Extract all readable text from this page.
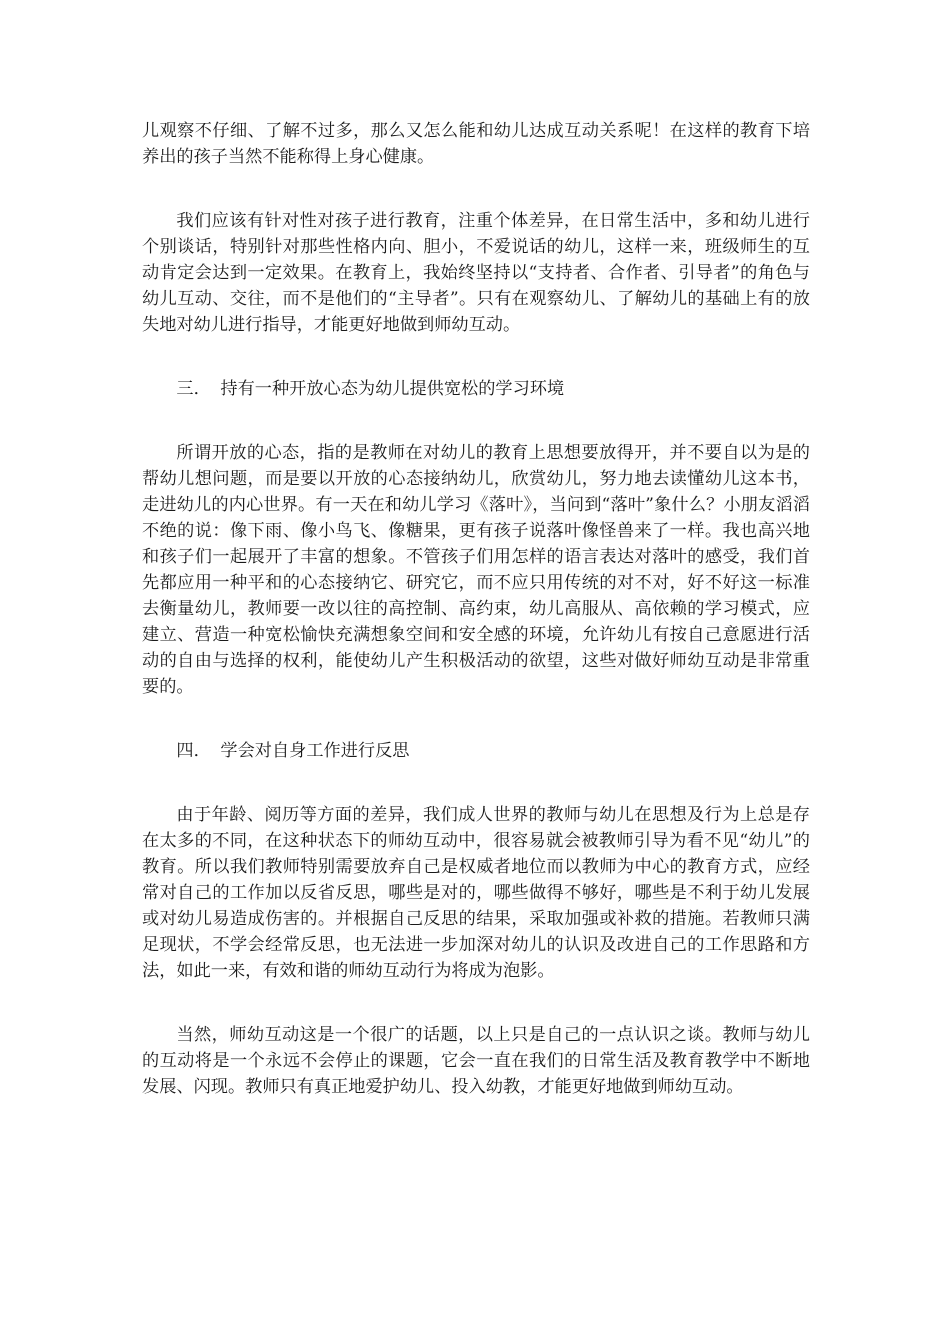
儿观察不仔细、了解不过多，那么又怎么能和幼儿达成互动关系呢！在这样的教育下培养出的孩子当然不能称得上身心健康。

我们应该有针对性对孩子进行教育，注重个体差异，在日常生活中，多和幼儿进行个别谈话，特别针对那些性格内向、胆小，不爱说话的幼儿，这样一来，班级师生的互动肯定会达到一定效果。在教育上，我始终坚持以“支持者、合作者、引导者”的角色与幼儿互动、交往，而不是他们的“主导者”。只有在观察幼儿、了解幼儿的基础上有的放失地对幼儿进行指导，才能更好地做到师幼互动。

三． 持有一种开放心态为幼儿提供宽松的学习环境

所谓开放的心态，指的是教师在对幼儿的教育上思想要放得开，并不要自以为是的帮幼儿想问题，而是要以开放的心态接纳幼儿，欣赏幼儿，努力地去读懂幼儿这本书，走进幼儿的内心世界。有一天在和幼儿学习《落叶》，当问到“落叶”象什么？小朋友滔滔不绝的说：像下雨、像小鸟飞、像糖果，更有孩子说落叶像怪兽来了一样。我也高兴地和孩子们一起展开了丰富的想象。不管孩子们用怎样的语言表达对落叶的感受，我们首先都应用一种平和的心态接纳它、研究它，而不应只用传统的对不对，好不好这一标准去衡量幼儿，教师要一改以往的高控制、高约束，幼儿高服从、高依赖的学习模式，应建立、营造一种宽松愉快充满想象空间和安全感的环境，允许幼儿有按自己意愿进行活动的自由与选择的权利，能使幼儿产生积极活动的欲望，这些对做好师幼互动是非常重要的。

四． 学会对自身工作进行反思

由于年龄、阅历等方面的差异，我们成人世界的教师与幼儿在思想及行为上总是存在太多的不同，在这种状态下的师幼互动中，很容易就会被教师引导为看不见“幼儿”的教育。所以我们教师特别需要放弃自己是权威者地位而以教师为中心的教育方式，应经常对自己的工作加以反省反思，哪些是对的，哪些做得不够好，哪些是不利于幼儿发展或对幼儿易造成伤害的。并根据自己反思的结果，采取加强或补救的措施。若教师只满足现状，不学会经常反思，也无法进一步加深对幼儿的认识及改进自己的工作思路和方法，如此一来，有效和谐的师幼互动行为将成为泡影。

当然，师幼互动这是一个很广的话题，以上只是自己的一点认识之谈。教师与幼儿的互动将是一个永远不会停止的课题，它会一直在我们的日常生活及教育教学中不断地发展、闪现。教师只有真正地爱护幼儿、投入幼教，才能更好地做到师幼互动。
